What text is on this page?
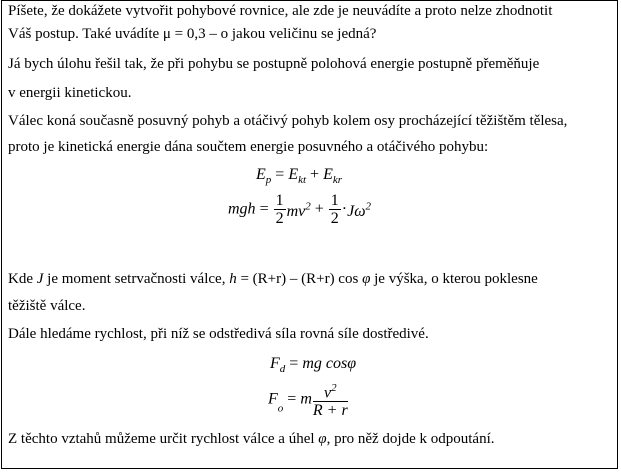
Píšete, že dokážete vytvořit pohybové rovnice, ale zde je neuvádíte a proto nelze zhodnotit
Váš postup. Také uvádíte μ = 0,3 – o jakou veličinu se jedná?
Já bych úlohu řešil tak, že při pohybu se postupně polohová energie postupně přeměňuje
v energii kinetickou.
Válec koná současně posuvný pohyb a otáčivý pohyb kolem osy procházející těžištěm tělesa,
proto je kinetická energie dána součtem energie posuvného a otáčivého pohybu:
$E_p = E_{kt} + E_{kr}$
mgh = $\frac{1}{2} mv^2 + \frac{1}{2} \cdot J\omega^2$
Kde J je moment setrvačnosti válce, h = (R+r) – (R+r) cos φ je výška, o kterou poklesne
těžiště válce.
Dále hledáme rychlost, při níž se odstředivá síla rovná síle dostředivé.
$F_d$ = mg cosφ
$F_o = m \frac{v^2}{R + r}$
Z těchto vztahů můžeme určit rychlost válce a úhel φ, pro něž dojde k odpoutání.
